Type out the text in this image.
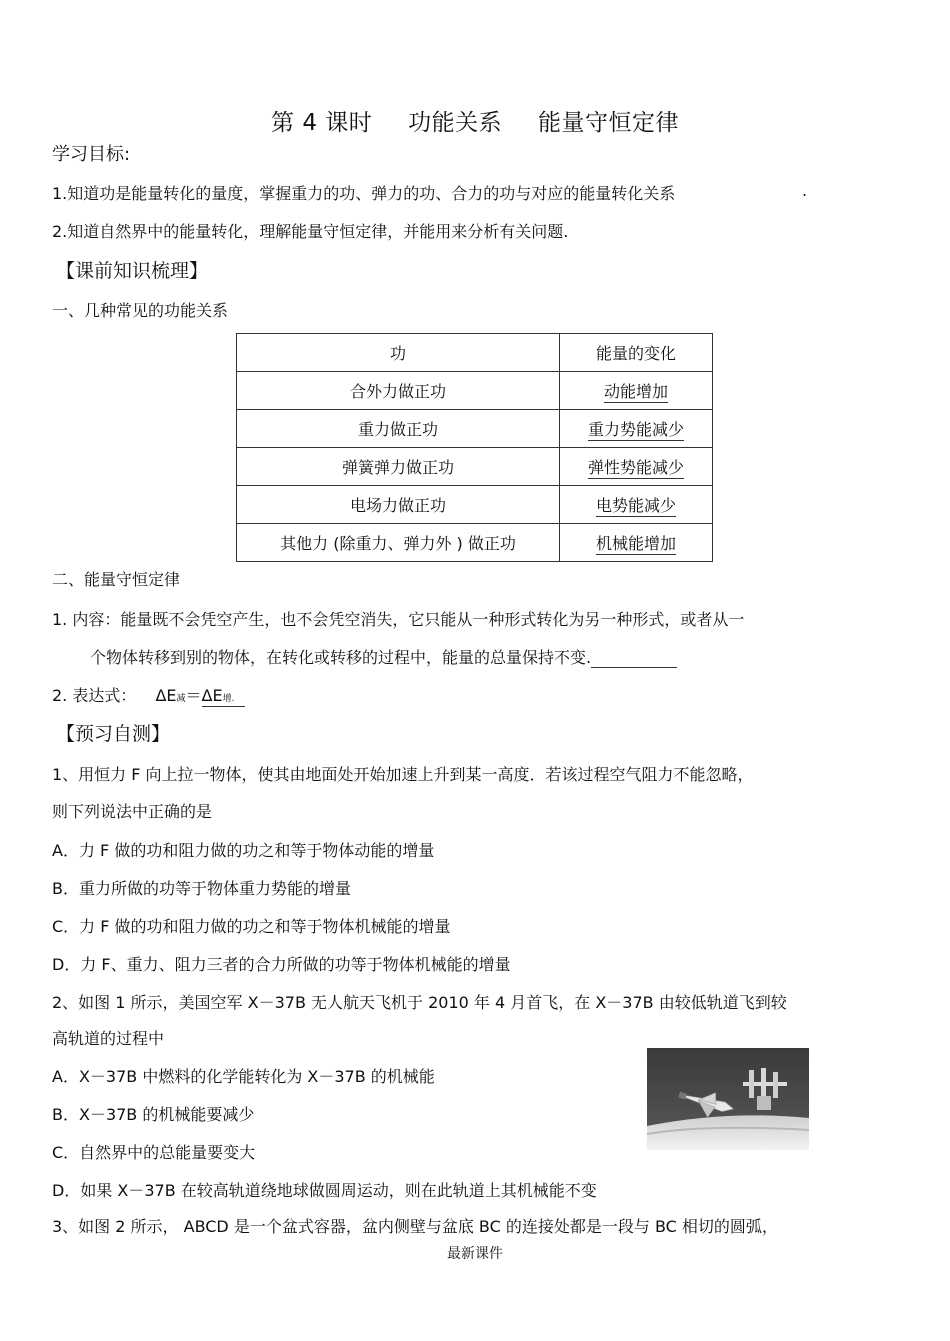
第 4 课时 功能关系 能量守恒定律
学习目标:
1.知道功是能量转化的量度，掌握重力的功、弹力的功、合力的功与对应的能量转化关系	.
2.知道自然界中的能量转化，理解能量守恒定律，并能用来分析有关问题.
【课前知识梳理】
一、几种常见的功能关系
功	能量的变化
合外力做正功	动能增加
重力做正功	重力势能减少
弹簧弹力做正功	弹性势能减少
电场力做正功	电势能减少
其他力 (除重力、弹力外 ) 做正功	机械能增加
二、能量守恒定律
1. 内容：能量既不会凭空产生，也不会凭空消失，它只能从一种形式转化为另一种形式，或者从一
个物体转移到别的物体，在转化或转移的过程中，能量的总量保持不变.
2. 表达式： ΔE减＝ΔE增.
【预习自测】
1、用恒力 F 向上拉一物体，使其由地面处开始加速上升到某一高度．若该过程空气阻力不能忽略，
则下列说法中正确的是
A．力 F 做的功和阻力做的功之和等于物体动能的增量
B．重力所做的功等于物体重力势能的增量
C．力 F 做的功和阻力做的功之和等于物体机械能的增量
D．力 F、重力、阻力三者的合力所做的功等于物体机械能的增量
2、如图 1 所示，美国空军 X－37B 无人航天飞机于 2010 年 4 月首飞，在 X－37B 由较低轨道飞到较
高轨道的过程中
A．X－37B 中燃料的化学能转化为 X－37B 的机械能
B．X－37B 的机械能要减少
C．自然界中的总能量要变大
D．如果 X－37B 在较高轨道绕地球做圆周运动，则在此轨道上其机械能不变
3、如图 2 所示， ABCD 是一个盆式容器，盆内侧壁与盆底 BC 的连接处都是一段与 BC 相切的圆弧，
最新课件
